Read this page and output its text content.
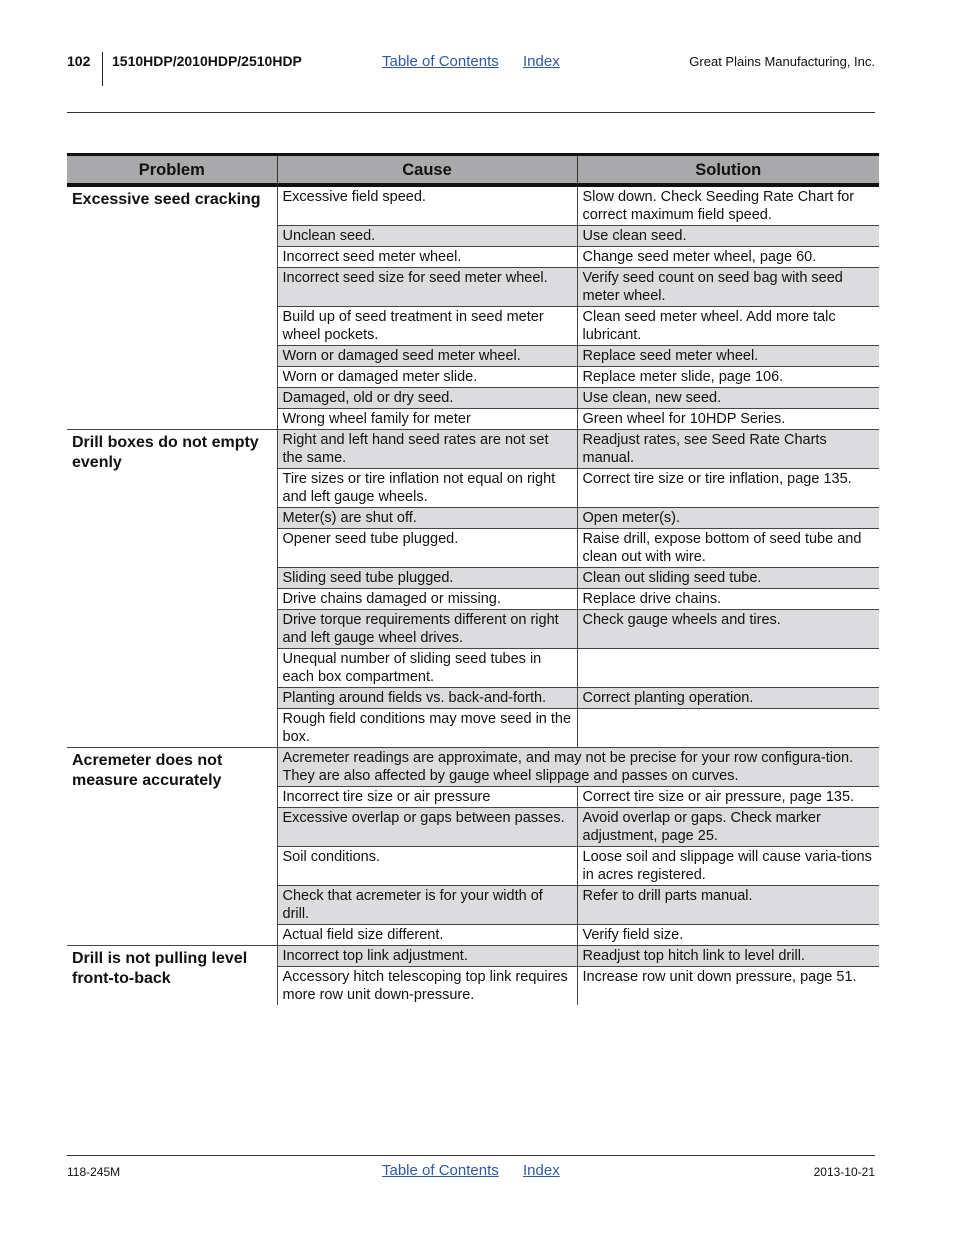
102 1510HDP/2010HDP/2510HDP	Table of Contents Index	Great Plains Manufacturing, Inc.
Problem	Cause	Solution
Excessive seed cracking	Excessive field speed.	Slow down. Check Seeding Rate Chart for correct maximum field speed.
	Unclean seed.	Use clean seed.
	Incorrect seed meter wheel.	Change seed meter wheel, page 60.
	Incorrect seed size for seed meter wheel.	Verify seed count on seed bag with seed meter wheel.
	Build up of seed treatment in seed meter wheel pockets.	Clean seed meter wheel. Add more talc lubricant.
	Worn or damaged seed meter wheel.	Replace seed meter wheel.
	Worn or damaged meter slide.	Replace meter slide, page 106.
	Damaged, old or dry seed.	Use clean, new seed.
	Wrong wheel family for meter	Green wheel for 10HDP Series.
Drill boxes do not empty evenly	Right and left hand seed rates are not set the same.	Readjust rates, see Seed Rate Charts manual.
	Tire sizes or tire inflation not equal on right and left gauge wheels.	Correct tire size or tire inflation, page 135.
	Meter(s) are shut off.	Open meter(s).
	Opener seed tube plugged.	Raise drill, expose bottom of seed tube and clean out with wire.
	Sliding seed tube plugged.	Clean out sliding seed tube.
	Drive chains damaged or missing.	Replace drive chains.
	Drive torque requirements different on right and left gauge wheel drives.	Check gauge wheels and tires.
	Unequal number of sliding seed tubes in each box compartment.	
	Planting around fields vs. back-and-forth.	Correct planting operation.
	Rough field conditions may move seed in the box.	
Acremeter does not measure accurately	Acremeter readings are approximate, and may not be precise for your row configura-tion. They are also affected by gauge wheel slippage and passes on curves.	
	Incorrect tire size or air pressure	Correct tire size or air pressure, page 135.
	Excessive overlap or gaps between passes.	Avoid overlap or gaps. Check marker adjustment, page 25.
	Soil conditions.	Loose soil and slippage will cause varia-tions in acres registered.
	Check that acremeter is for your width of drill.	Refer to drill parts manual.
	Actual field size different.	Verify field size.
Drill is not pulling level front-to-back	Incorrect top link adjustment.	Readjust top hitch link to level drill.
	Accessory hitch telescoping top link requires more row unit down-pressure.	Increase row unit down pressure, page 51.
118-245M	Table of Contents Index	2013-10-21
